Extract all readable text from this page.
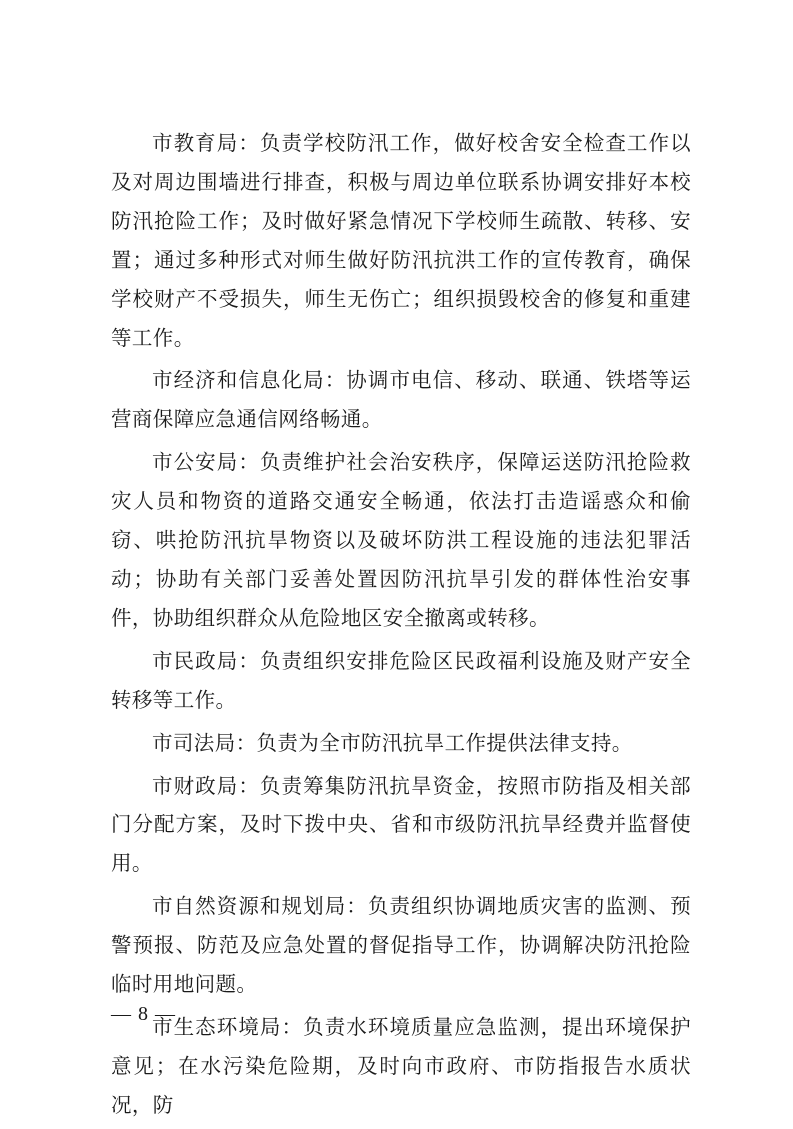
市教育局：负责学校防汛工作，做好校舍安全检查工作以及对周边围墙进行排查，积极与周边单位联系协调安排好本校防汛抢险工作；及时做好紧急情况下学校师生疏散、转移、安置；通过多种形式对师生做好防汛抗洪工作的宣传教育，确保学校财产不受损失，师生无伤亡；组织损毁校舍的修复和重建等工作。

市经济和信息化局：协调市电信、移动、联通、铁塔等运营商保障应急通信网络畅通。

市公安局：负责维护社会治安秩序，保障运送防汛抢险救灾人员和物资的道路交通安全畅通，依法打击造谣惑众和偷窃、哄抢防汛抗旱物资以及破坏防洪工程设施的违法犯罪活动；协助有关部门妥善处置因防汛抗旱引发的群体性治安事件，协助组织群众从危险地区安全撤离或转移。

市民政局：负责组织安排危险区民政福利设施及财产安全转移等工作。

市司法局：负责为全市防汛抗旱工作提供法律支持。

市财政局：负责筹集防汛抗旱资金，按照市防指及相关部门分配方案，及时下拨中央、省和市级防汛抗旱经费并监督使用。

市自然资源和规划局：负责组织协调地质灾害的监测、预警预报、防范及应急处置的督促指导工作，协调解决防汛抢险临时用地问题。

市生态环境局：负责水环境质量应急监测，提出环境保护意见；在水污染危险期，及时向市政府、市防指报告水质状况，防

— 8 —
